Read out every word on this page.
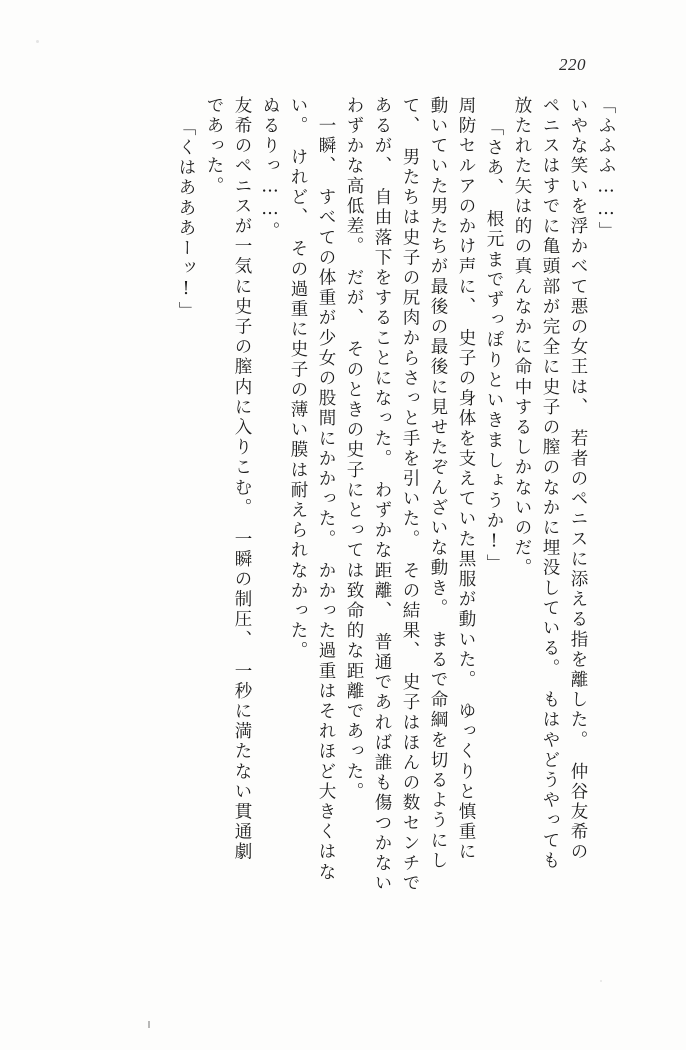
220
「ふふふ……」
いやな笑いを浮かべて悪の女王は、　若者のペニスに添える指を離した。　仲谷友希の
ペニスはすでに亀頭部が完全に史子の膣のなかに埋没している。　もはやどうやっても
放たれた矢は的の真んなかに命中するしかないのだ。
「さあ、　根元までずっぽりといきましょうか!」
周防セルアのかけ声に、　史子の身体を支えていた黒服が動いた。　ゆっくりと慎重に
動いていた男たちが最後の最後に見せたぞんざいな動き。　まるで命綱を切るようにし
て、　男たちは史子の尻肉からさっと手を引いた。　その結果、　史子はほんの数センチで
あるが、　自由落下をすることになった。　わずかな距離、　普通であれば誰も傷つかない
わずかな高低差。　だが、　そのときの史子にとっては致命的な距離であった。
　一瞬、　すべての体重が少女の股間にかかった。　かかった過重はそれほど大きくはな
い。　けれど、　その過重に史子の薄い膜は耐えられなかった。
ぬるりっ……。
友希のペニスが一気に史子の膣内に入りこむ。　一瞬の制圧、　一秒に満たない貫通劇
であった。
「くはあああーッ!」
